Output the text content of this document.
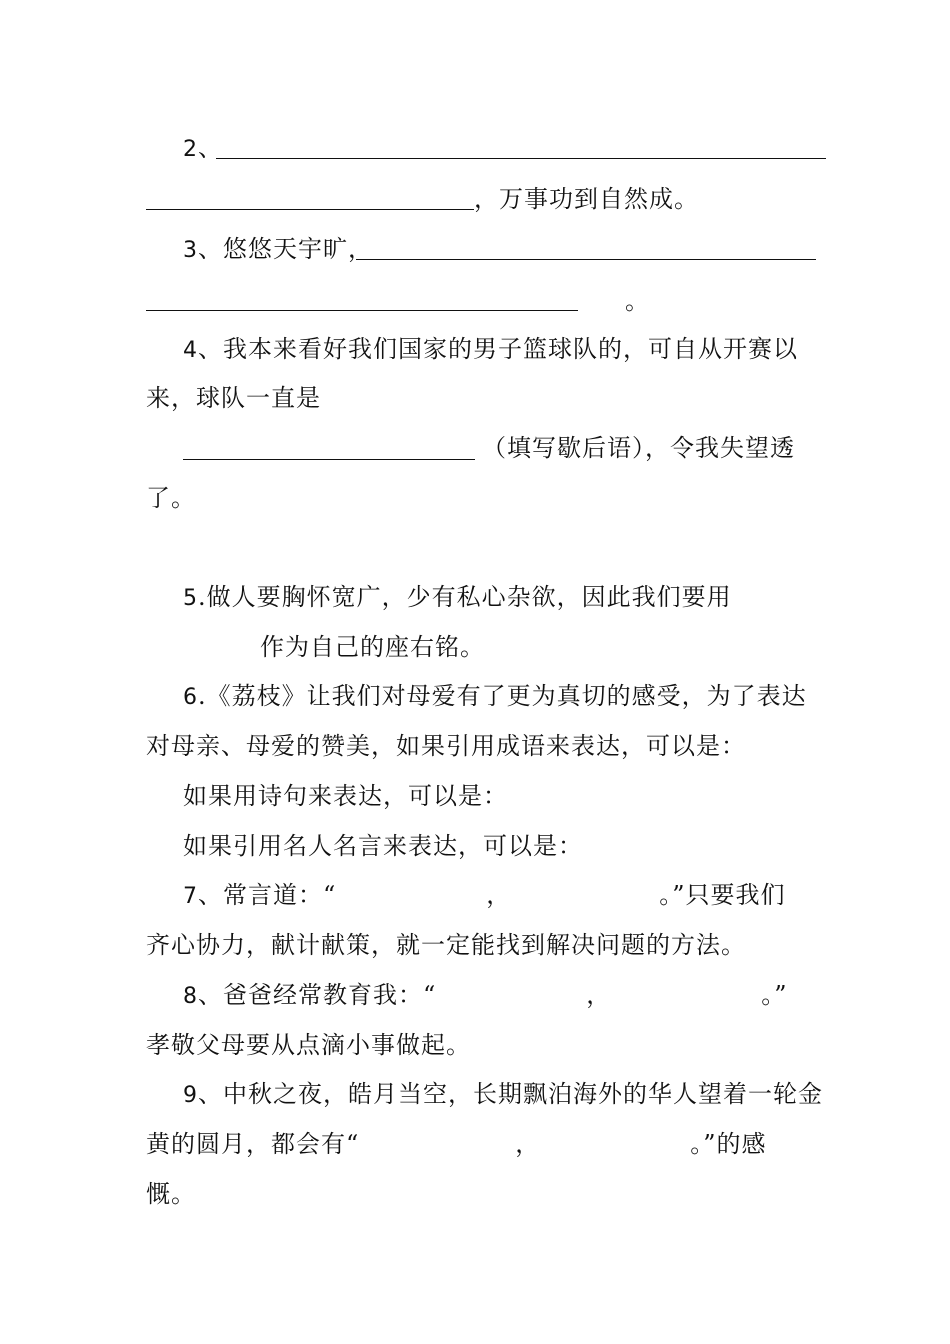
2、
，万事功到自然成。
3、悠悠天宇旷，
。
4、我本来看好我们国家的男子篮球队的，可自从开赛以
来，球队一直是
（填写歇后语），令我失望透
了。
5.做人要胸怀宽广，少有私心杂欲，因此我们要用
作为自己的座右铭。
6.《荔枝》让我们对母爱有了更为真切的感受，为了表达
对母亲、母爱的赞美，如果引用成语来表达，可以是：
如果用诗句来表达，可以是：
如果引用名人名言来表达，可以是：
7、常言道：“	，	。”只要我们
齐心协力，献计献策，就一定能找到解决问题的方法。
8、爸爸经常教育我：“	，	。”
孝敬父母要从点滴小事做起。
9、中秋之夜，皓月当空，长期飘泊海外的华人望着一轮金
黄的圆月，都会有“	，	。”的感
慨。
